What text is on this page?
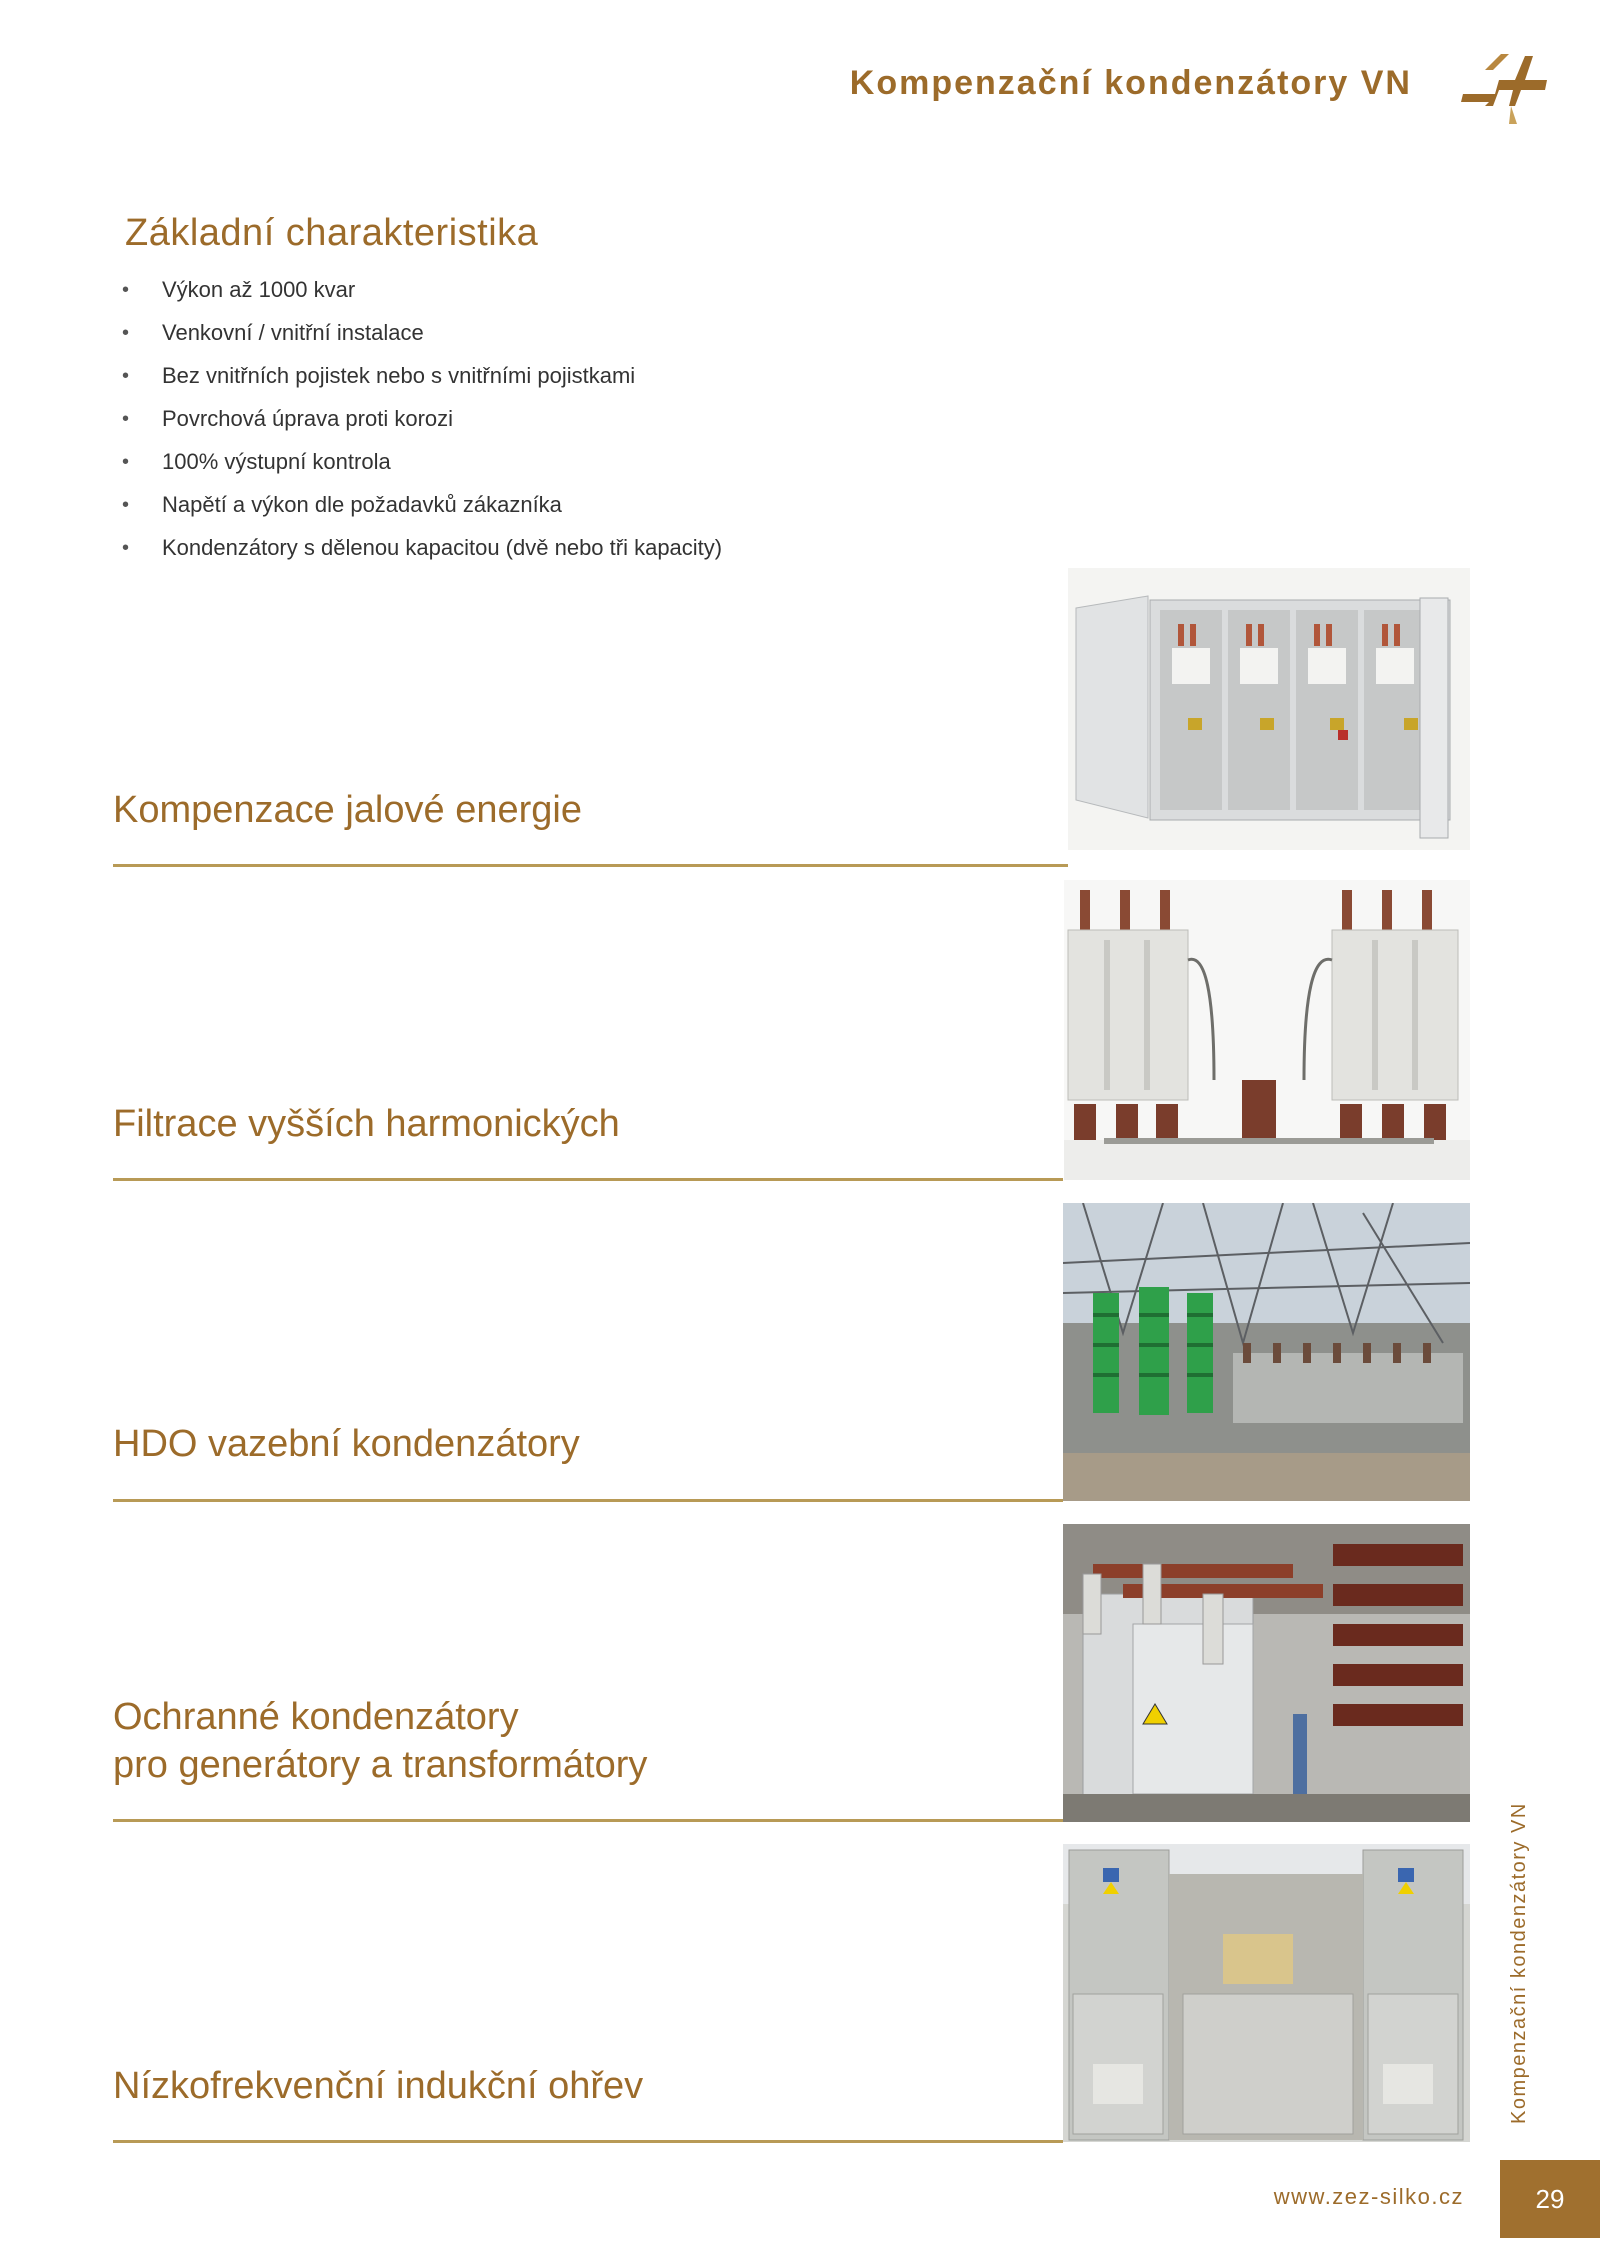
Kompenzační kondenzátory VN
Základní charakteristika
• Výkon až 1000 kvar
• Venkovní / vnitřní instalace
• Bez vnitřních pojistek nebo s vnitřními pojistkami
• Povrchová úprava proti korozi
• 100% výstupní kontrola
• Napětí a výkon dle požadavků zákazníka
• Kondenzátory s dělenou kapacitou (dvě nebo tři kapacity)
Kompenzace jalové energie
Filtrace vyšších harmonických
HDO vazební kondenzátory
Ochranné kondenzátory
pro generátory a transformátory
Nízkofrekvenční indukční ohřev	Kompenzační kondenzátory VN
www.zez-silko.cz	29
